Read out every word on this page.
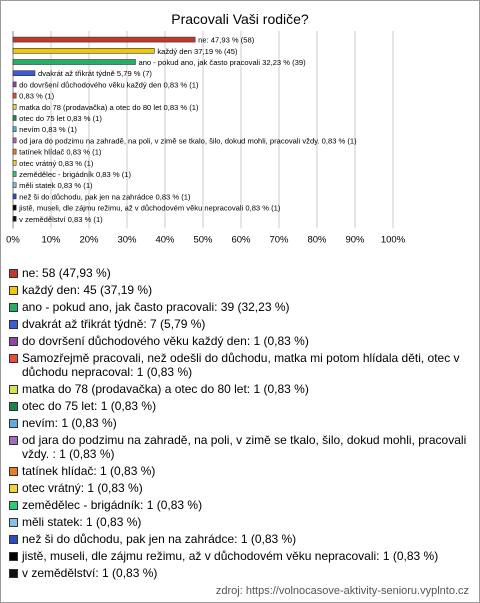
Pracovali Vaši rodiče?
0% 10% 20% 30% 40% 50% 60% 70% 80% 90% 100%
ne: 47,93 % (58)
každý den 37,19 % (45)
ano - pokud ano, jak často pracovali 32,23 % (39)
dvakrát až třikrát týdně 5,79 % (7)
do dovršení důchodového věku každý den 0,83 % (1)
0,83 % (1)
matka do 78 (prodavačka) a otec do 80 let 0,83 % (1)
otec do 75 let 0,83 % (1)
nevím 0,83 % (1)
od jara do podzimu na zahradě, na poli, v zimě se tkalo, šilo, dokud mohli, pracovali vždy. 0,83 % (1)
tatínek hlídač 0,83 % (1)
otec vrátný 0,83 % (1)
zemědělec - brigádník 0,83 % (1)
měli statek 0,83 % (1)
než ši do důchodu, pak jen na zahrádce 0,83 % (1)
jistě, museli, dle zájmu režimu, až v důchodovém věku nepracovali 0,83 % (1)
v zemědělství 0,83 % (1)
ne: 58 (47,93 %)
každý den: 45 (37,19 %)
ano - pokud ano, jak často pracovali: 39 (32,23 %)
dvakrát až třikrát týdně: 7 (5,79 %)
do dovršení důchodového věku každý den: 1 (0,83 %)
Samozřejmě pracovali, než odešli do důchodu, matka mi potom hlídala děti, otec v důchodu nepracoval: 1 (0,83 %)
matka do 78 (prodavačka) a otec do 80 let: 1 (0,83 %)
otec do 75 let: 1 (0,83 %)
nevím: 1 (0,83 %)
od jara do podzimu na zahradě, na poli, v zimě se tkalo, šilo, dokud mohli, pracovali vždy. : 1 (0,83 %)
tatínek hlídač: 1 (0,83 %)
otec vrátný: 1 (0,83 %)
zemědělec - brigádník: 1 (0,83 %)
měli statek: 1 (0,83 %)
než ši do důchodu, pak jen na zahrádce: 1 (0,83 %)
jistě, museli, dle zájmu režimu, až v důchodovém věku nepracovali: 1 (0,83 %)
v zemědělství: 1 (0,83 %)
zdroj: https://volnocasove-aktivity-senioru.vyplnto.cz
